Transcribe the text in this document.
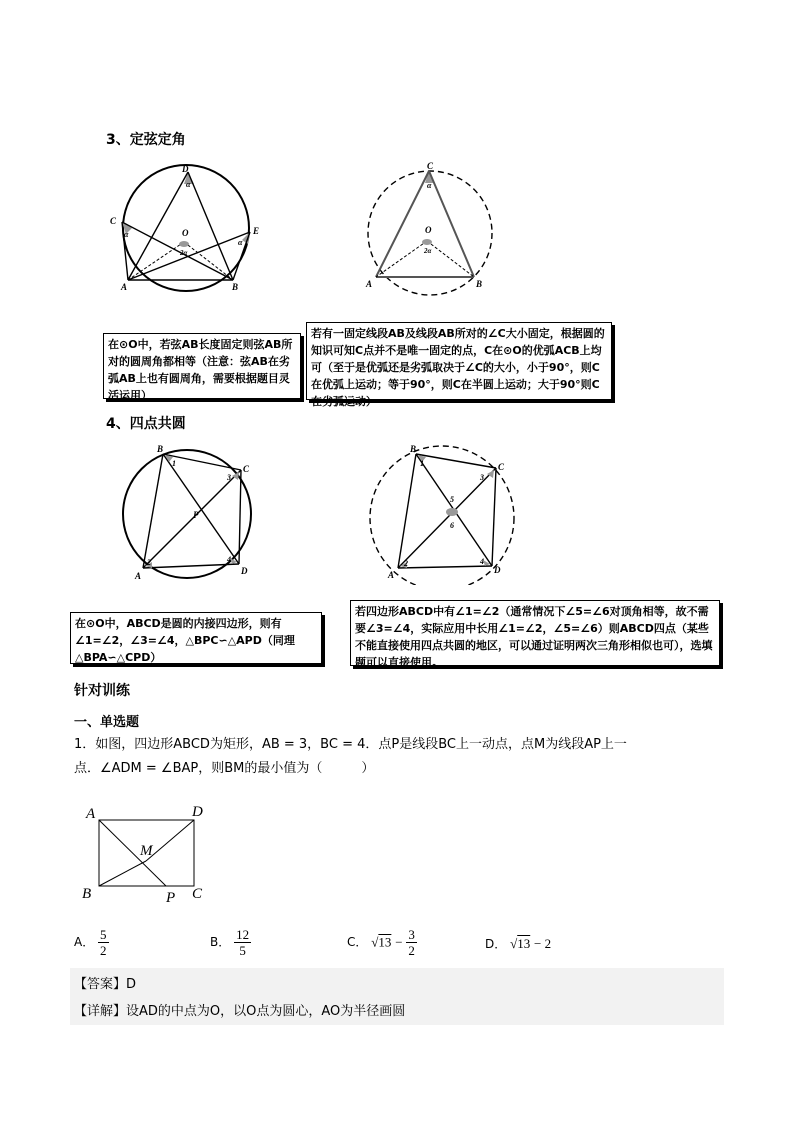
3、定弦定角
D
α
C
α	E
α
O
2α
A	B
C
α
O
2α
A	B
在⊙O中，若弦AB长度固定则弦AB所对的圆周角都相等（注意：弦AB在劣弧AB上也有圆周角，需要根据题目灵活运用）
若有一固定线段AB及线段AB所对的∠C大小固定，根据圆的知识可知C点并不是唯一固定的点，C在⊙O的优弧ACB上均可（至于是优弧还是劣弧取决于∠C的大小，小于90°，则C在优弧上运动；等于90°，则C在半圆上运动；大于90°则C在劣弧运动）
4、四点共圆
B
1
C
3
P
2	4
A	D
B
1	C
3
5
6
2	4
A	D
在⊙O中，ABCD是圆的内接四边形，则有∠1=∠2，∠3=∠4，△BPC∽△APD（同理△BPA∽△CPD）
若四边形ABCD中有∠1=∠2（通常情况下∠5=∠6对顶角相等，故不需要∠3=∠4，实际应用中长用∠1=∠2，∠5=∠6）则ABCD四点（某些不能直接使用四点共圆的地区，可以通过证明两次三角形相似也可），选填题可以直接使用。
针对训练
一、单选题
1．如图，四边形ABCD为矩形，AB = 3，BC = 4．点P是线段BC上一动点，点M为线段AP上一
点．∠ADM = ∠BAP，则BM的最小值为（　　　）
A	D
M
B	P C
A． $\frac{5}{2}$	B． $\frac{12}{5}$	C． $√13 - \frac{3}{2}$	D． √13 − 2
【答案】D
【详解】设AD的中点为O，以O点为圆心，AO为半径画圆
